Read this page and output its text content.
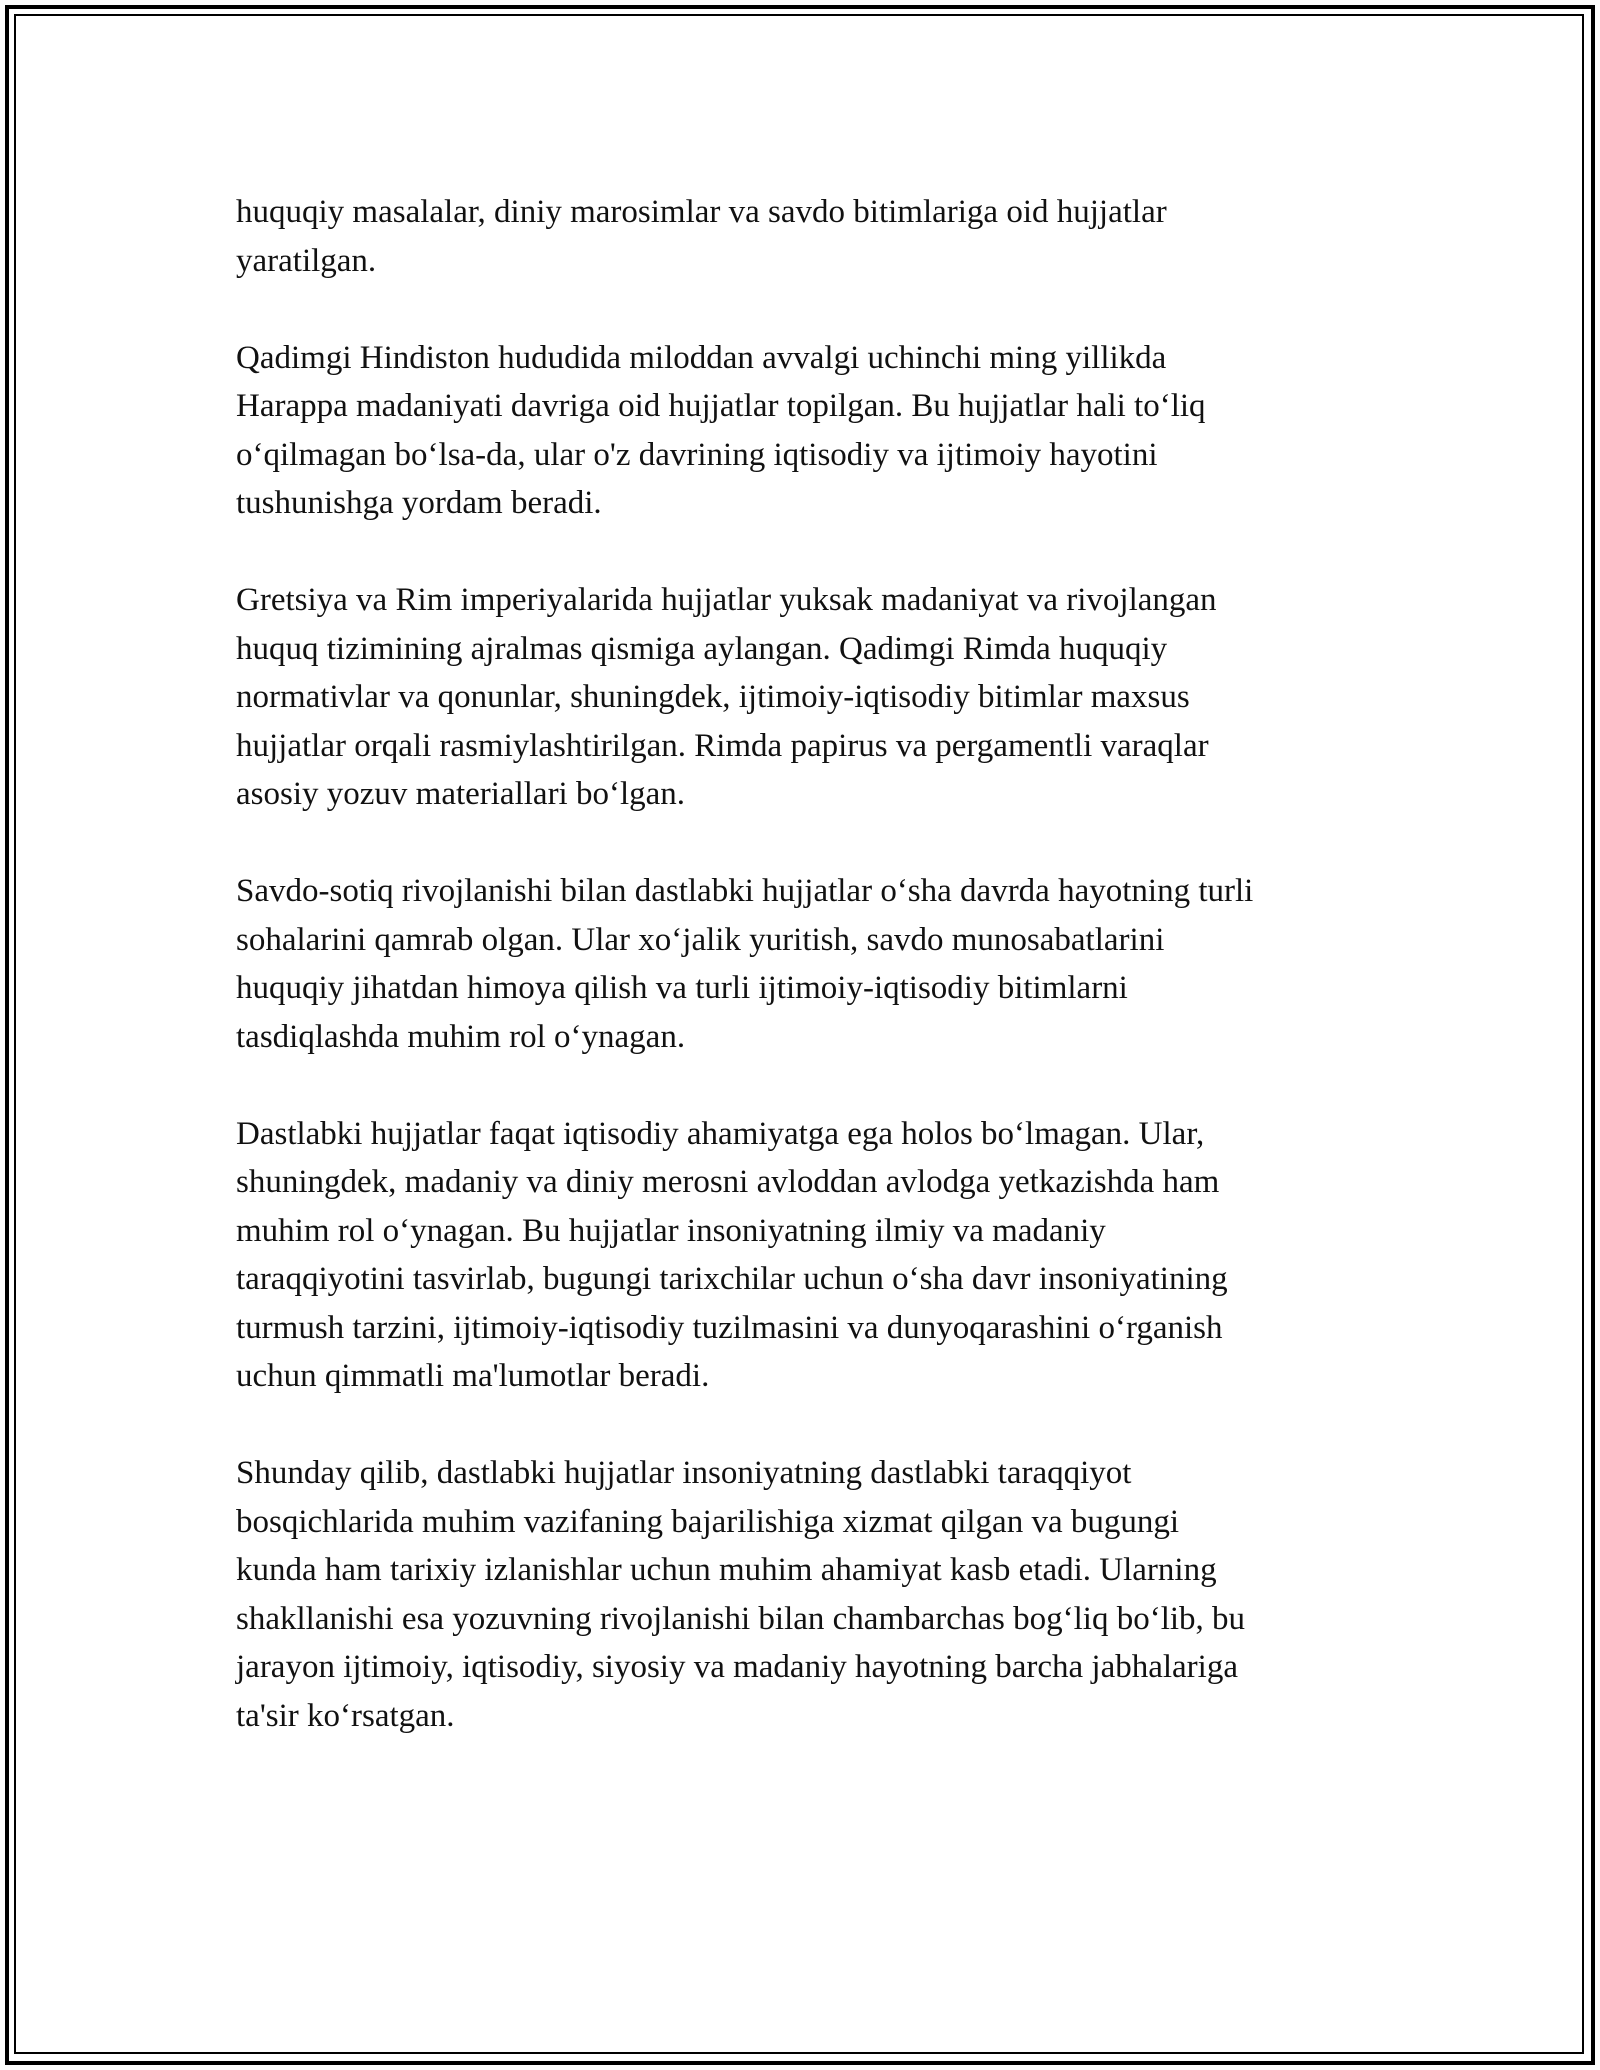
huquqiy masalalar, diniy marosimlar va savdo bitimlariga oid hujjatlar
yaratilgan.

Qadimgi Hindiston hududida miloddan avvalgi uchinchi ming yillikda
Harappa madaniyati davriga oid hujjatlar topilgan. Bu hujjatlar hali to‘liq
o‘qilmagan bo‘lsa-da, ular o'z davrining iqtisodiy va ijtimoiy hayotini
tushunishga yordam beradi.

Gretsiya va Rim imperiyalarida hujjatlar yuksak madaniyat va rivojlangan
huquq tizimining ajralmas qismiga aylangan. Qadimgi Rimda huquqiy
normativlar va qonunlar, shuningdek, ijtimoiy-iqtisodiy bitimlar maxsus
hujjatlar orqali rasmiylashtirilgan. Rimda papirus va pergamentli varaqlar
asosiy yozuv materiallari bo‘lgan.

Savdo-sotiq rivojlanishi bilan dastlabki hujjatlar o‘sha davrda hayotning turli
sohalarini qamrab olgan. Ular xo‘jalik yuritish, savdo munosabatlarini
huquqiy jihatdan himoya qilish va turli ijtimoiy-iqtisodiy bitimlarni
tasdiqlashda muhim rol o‘ynagan.

Dastlabki hujjatlar faqat iqtisodiy ahamiyatga ega holos bo‘lmagan. Ular,
shuningdek, madaniy va diniy merosni avloddan avlodga yetkazishda ham
muhim rol o‘ynagan. Bu hujjatlar insoniyatning ilmiy va madaniy
taraqqiyotini tasvirlab, bugungi tarixchilar uchun o‘sha davr insoniyatining
turmush tarzini, ijtimoiy-iqtisodiy tuzilmasini va dunyoqarashini o‘rganish
uchun qimmatli ma'lumotlar beradi.

Shunday qilib, dastlabki hujjatlar insoniyatning dastlabki taraqqiyot
bosqichlarida muhim vazifaning bajarilishiga xizmat qilgan va bugungi
kunda ham tarixiy izlanishlar uchun muhim ahamiyat kasb etadi. Ularning
shakllanishi esa yozuvning rivojlanishi bilan chambarchas bog‘liq bo‘lib, bu
jarayon ijtimoiy, iqtisodiy, siyosiy va madaniy hayotning barcha jabhalariga
ta'sir ko‘rsatgan.
